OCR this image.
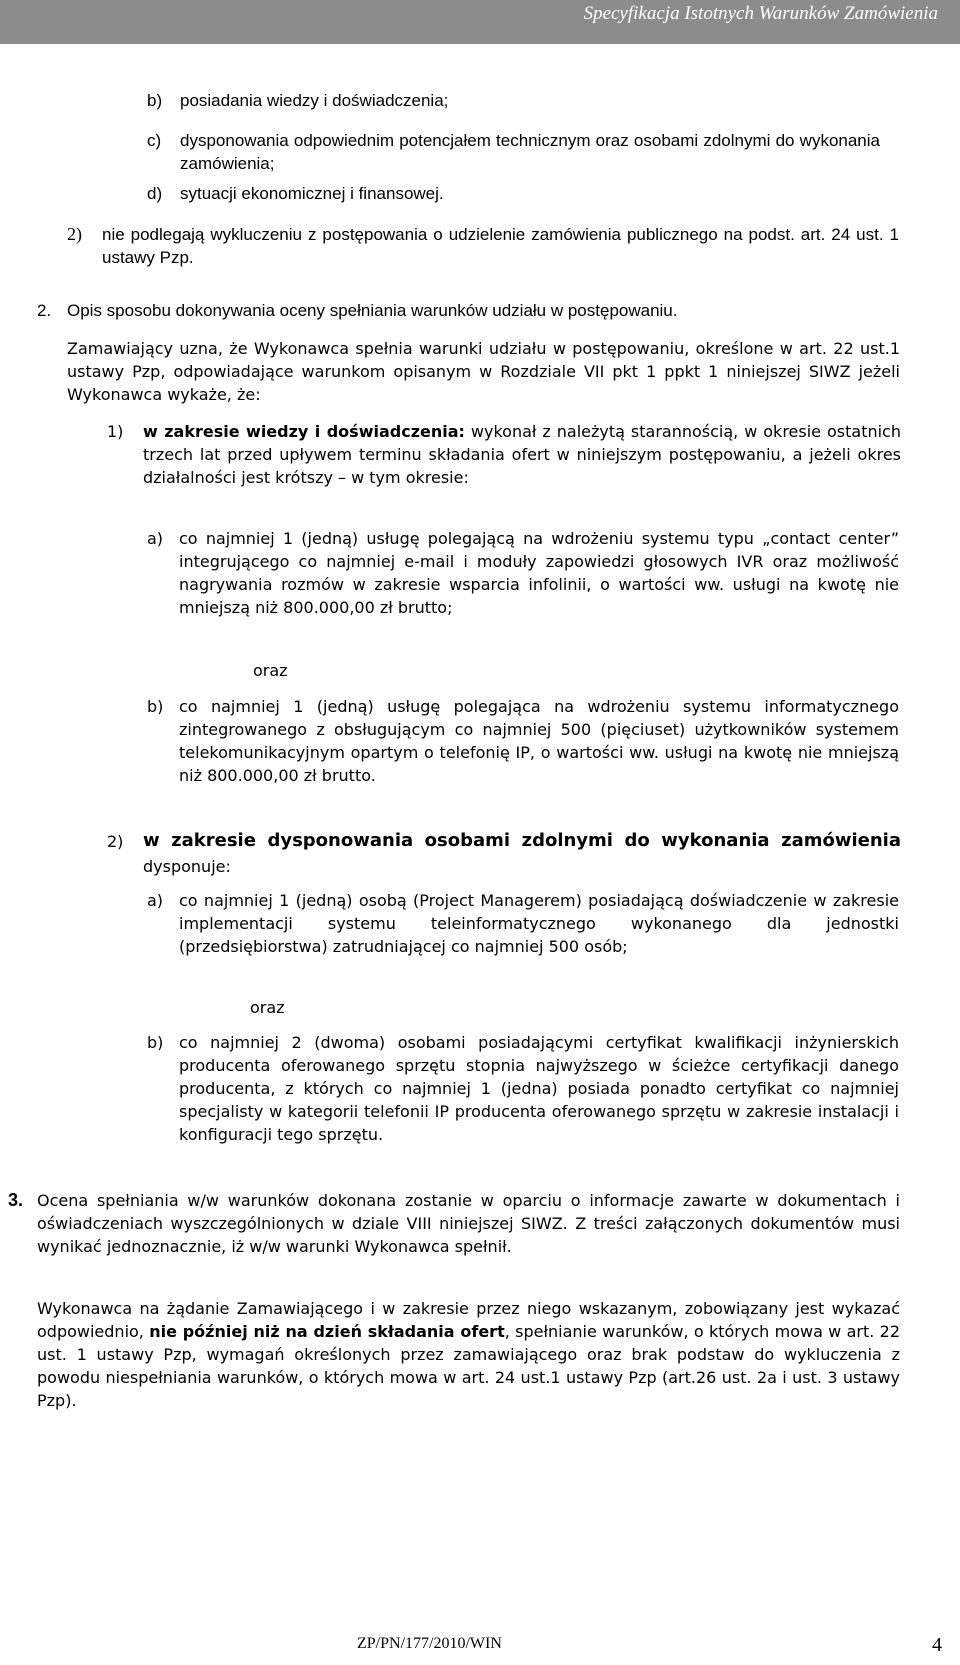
Specyfikacja Istotnych Warunków Zamówienia
b) posiadania wiedzy i doświadczenia;
c) dysponowania odpowiednim potencjałem technicznym oraz osobami zdolnymi do wykonania zamówienia;
d) sytuacji ekonomicznej i finansowej.
2) nie podlegają wykluczeniu z postępowania o udzielenie zamówienia publicznego na podst. art. 24 ust. 1 ustawy Pzp.
2. Opis sposobu dokonywania oceny spełniania warunków udziału w postępowaniu.
Zamawiający uzna, że Wykonawca spełnia warunki udziału w postępowaniu, określone w art. 22 ust.1 ustawy Pzp, odpowiadające warunkom opisanym w Rozdziale VII pkt 1 ppkt 1 niniejszej SIWZ jeżeli Wykonawca wykaże, że:
1) w zakresie wiedzy i doświadczenia: wykonał z należytą starannością, w okresie ostatnich trzech lat przed upływem terminu składania ofert w niniejszym postępowaniu, a jeżeli okres działalności jest krótszy – w tym okresie:
a) co najmniej 1 (jedną) usługę polegającą na wdrożeniu systemu typu „contact center” integrującego co najmniej e-mail i moduły zapowiedzi głosowych IVR oraz możliwość nagrywania rozmów w zakresie wsparcia infolinii, o wartości ww. usługi na kwotę nie mniejszą niż 800.000,00 zł brutto;
oraz
b) co najmniej 1 (jedną) usługę polegająca na wdrożeniu systemu informatycznego zintegrowanego z obsługującym co najmniej 500 (pięciuset) użytkowników systemem telekomunikacyjnym opartym o telefonię IP, o wartości ww. usługi na kwotę nie mniejszą niż 800.000,00 zł brutto.
2) w zakresie dysponowania osobami zdolnymi do wykonania zamówienia dysponuje:
a) co najmniej 1 (jedną) osobą (Project Managerem) posiadającą doświadczenie w zakresie implementacji systemu teleinformatycznego wykonanego dla jednostki (przedsiębiorstwa) zatrudniającej co najmniej 500 osób;
oraz
b) co najmniej 2 (dwoma) osobami posiadającymi certyfikat kwalifikacji inżynierskich producenta oferowanego sprzętu stopnia najwyższego w ścieżce certyfikacji danego producenta, z których co najmniej 1 (jedna) posiada ponadto certyfikat co najmniej specjalisty w kategorii telefonii IP producenta oferowanego sprzętu w zakresie instalacji i konfiguracji tego sprzętu.
3. Ocena spełniania w/w warunków dokonana zostanie w oparciu o informacje zawarte w dokumentach i oświadczeniach wyszczególnionych w dziale VIII niniejszej SIWZ. Z treści załączonych dokumentów musi wynikać jednoznacznie, iż w/w warunki Wykonawca spełnił.
Wykonawca na żądanie Zamawiającego i w zakresie przez niego wskazanym, zobowiązany jest wykazać odpowiednio, nie później niż na dzień składania ofert, spełnianie warunków, o których mowa w art. 22 ust. 1 ustawy Pzp, wymagań określonych przez zamawiającego oraz brak podstaw do wykluczenia z powodu niespełniania warunków, o których mowa w art. 24 ust.1 ustawy Pzp (art.26 ust. 2a i ust. 3 ustawy Pzp).
ZP/PN/177/2010/WIN	4
